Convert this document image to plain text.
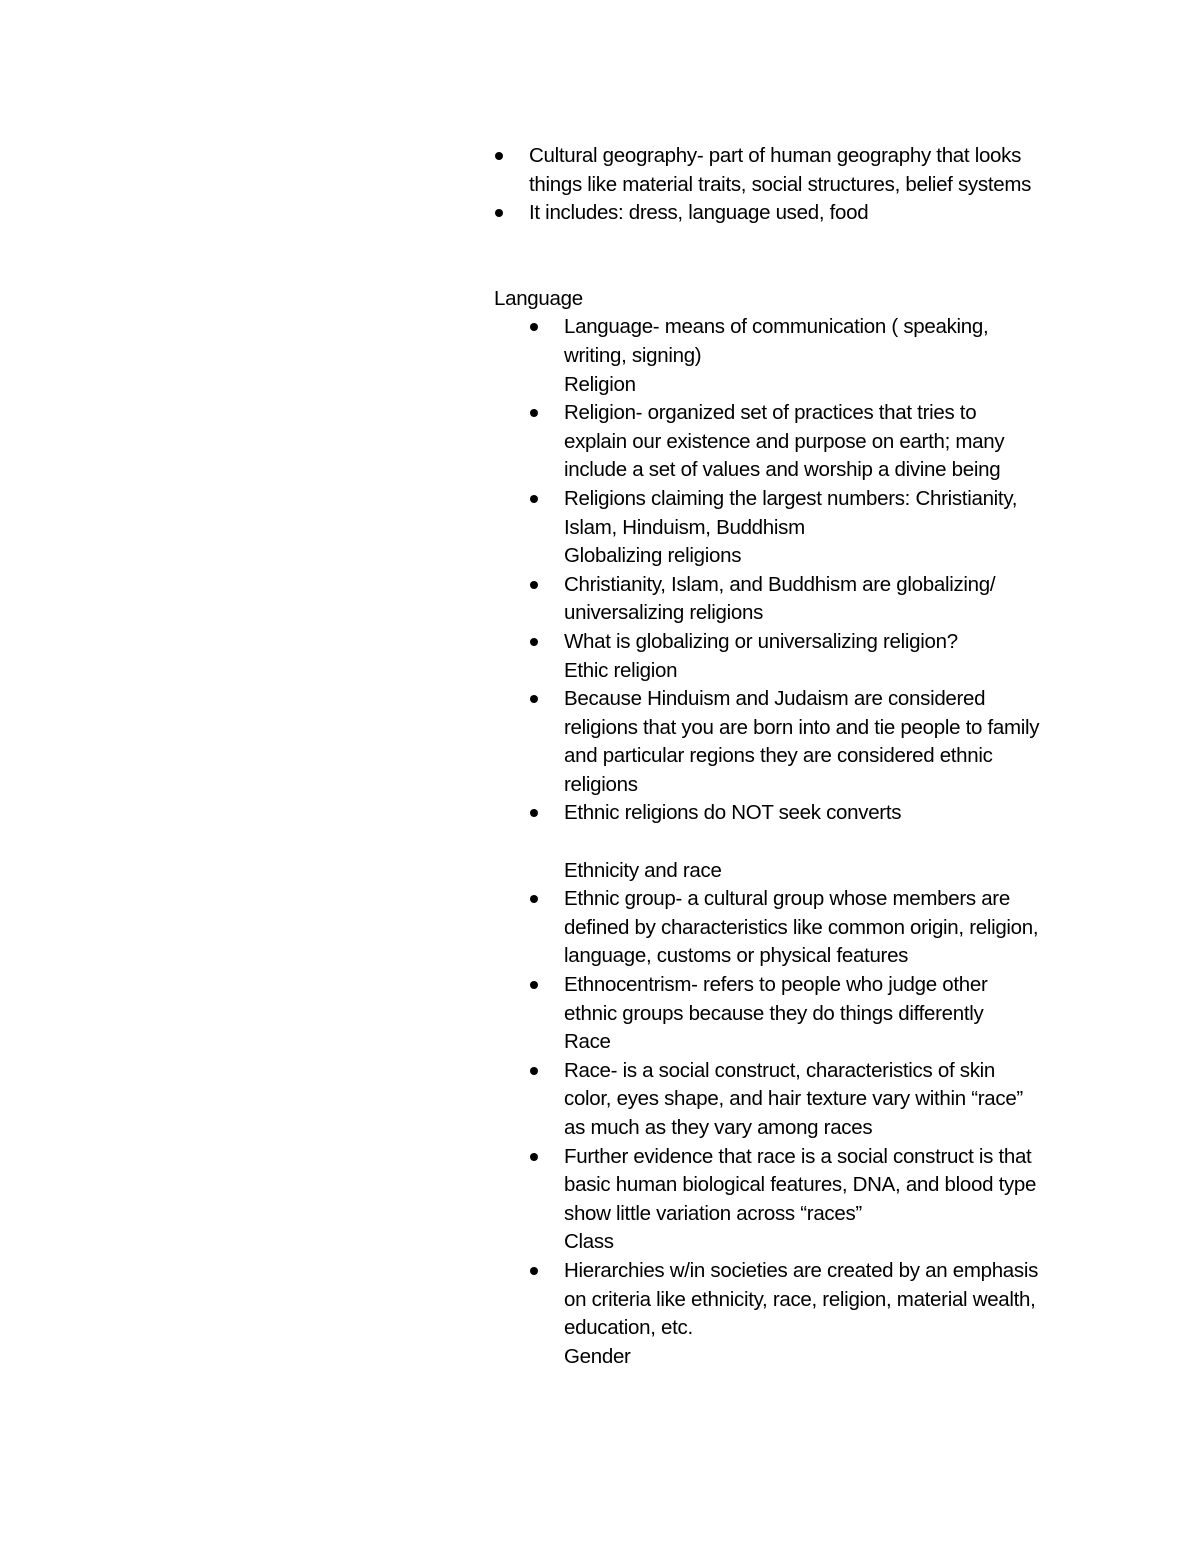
Cultural geography- part of human geography that looks things like material traits, social structures, belief systems

It includes: dress, language used, food

Language

Language- means of communication ( speaking, writing, signing)

Religion

Religion- organized set of practices that tries to explain our existence and purpose on earth; many include a set of values and worship a divine being

Religions claiming the largest numbers: Christianity, Islam, Hinduism, Buddhism

Globalizing religions

Christianity, Islam, and Buddhism are globalizing/ universalizing religions

What is globalizing or universalizing religion?

Ethic religion

Because Hinduism and Judaism are considered religions that you are born into and tie people to family and particular regions they are considered ethnic religions

Ethnic religions do NOT seek converts

Ethnicity and race

Ethnic group- a cultural group whose members are defined by characteristics like common origin, religion, language, customs or physical features

Ethnocentrism- refers to people who judge other ethnic groups because they do things differently

Race

Race- is a social construct, characteristics of skin color, eyes shape, and hair texture vary within “race” as much as they vary among races

Further evidence that race is a social construct is that basic human biological features, DNA, and blood type show little variation across “races”

Class

Hierarchies w/in societies are created by an emphasis on criteria like ethnicity, race, religion, material wealth, education, etc.

Gender
